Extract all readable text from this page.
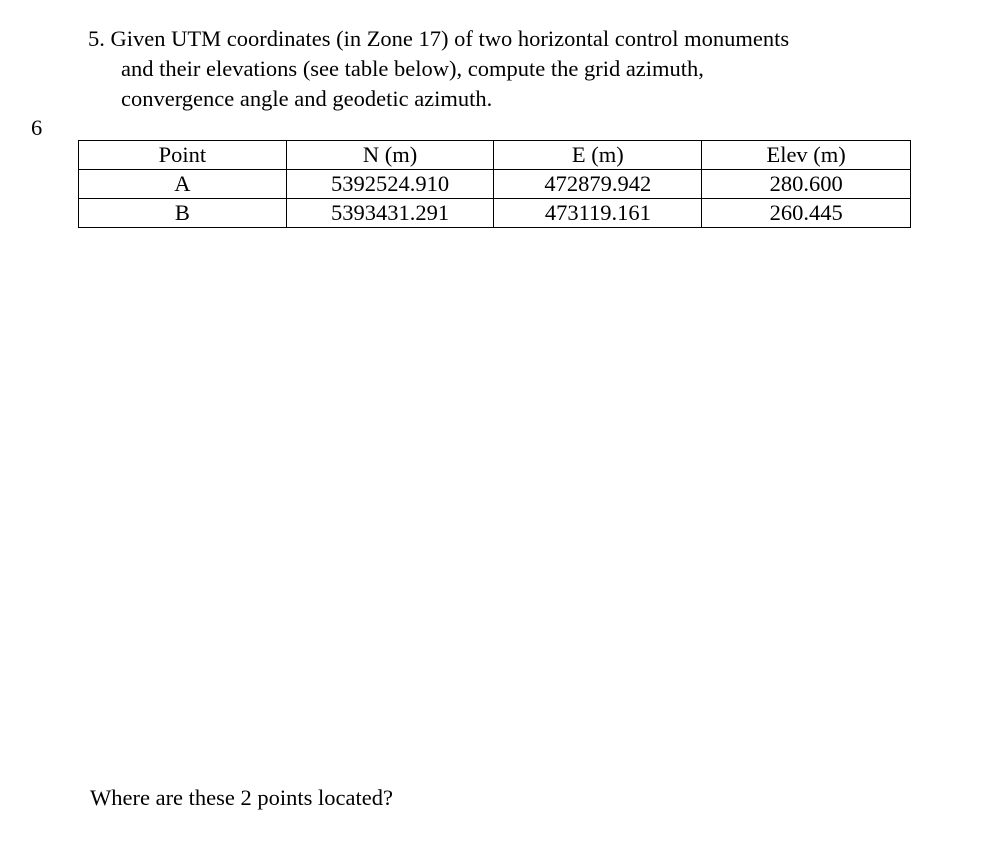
5. Given UTM coordinates (in Zone 17) of two horizontal control monuments
and their elevations (see table below), compute the grid azimuth,
convergence angle and geodetic azimuth.
6
Point	N (m)	E (m)	Elev (m)
A	5392524.910	472879.942	280.600
B	5393431.291	473119.161	260.445
Where are these 2 points located?
